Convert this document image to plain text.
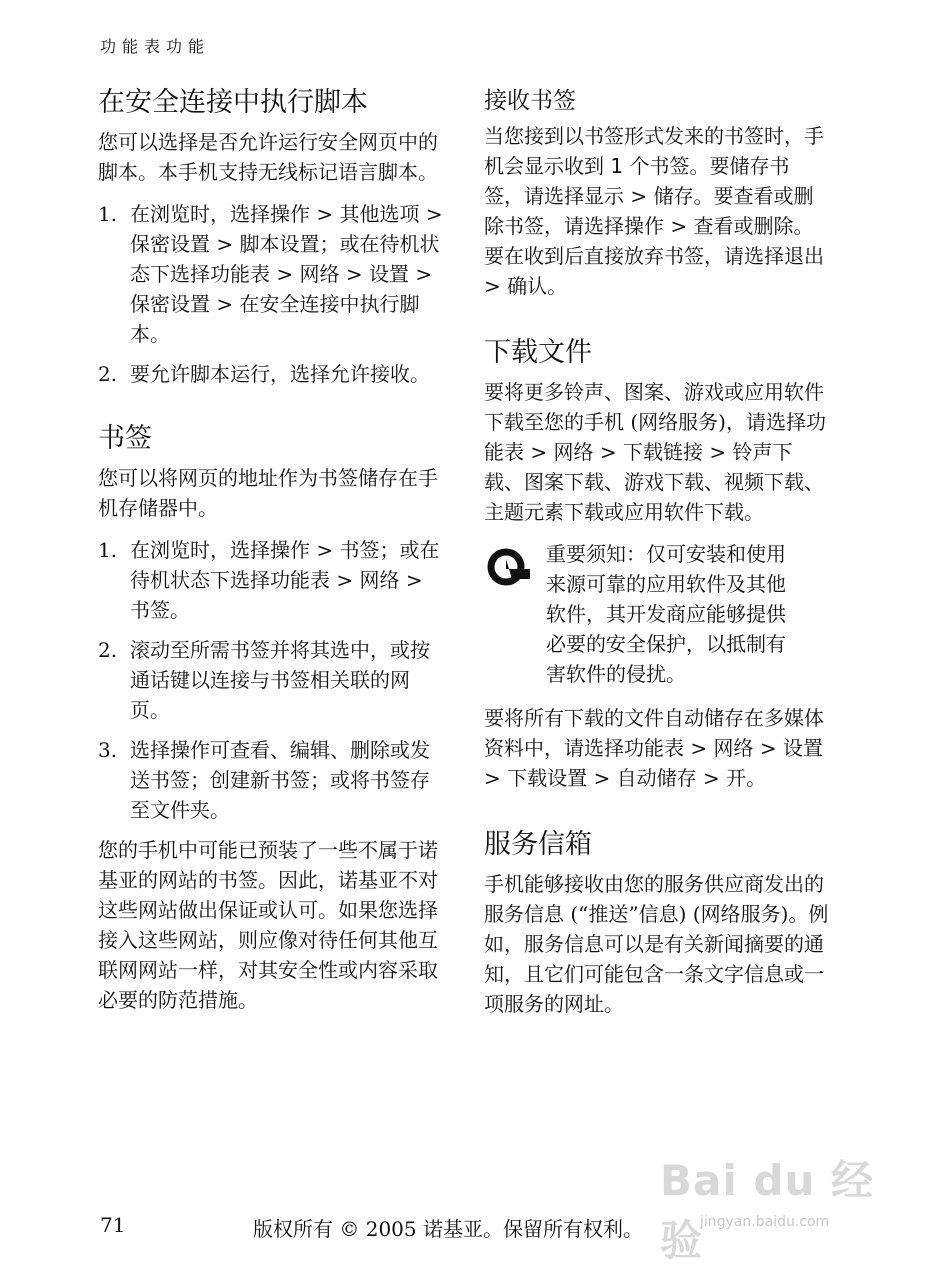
功能表功能
在安全连接中执行脚本

您可以选择是否允许运行安全网页中的脚本。本手机支持无线标记语言脚本。

1. 在浏览时，选择操作 > 其他选项 > 保密设置 > 脚本设置；或在待机状态下选择功能表 > 网络 > 设置 > 保密设置 > 在安全连接中执行脚本。
2. 要允许脚本运行，选择允许接收。
书签

您可以将网页的地址作为书签储存在手机存储器中。

1. 在浏览时，选择操作 > 书签；或在待机状态下选择功能表 > 网络 > 书签。
2. 滚动至所需书签并将其选中，或按通话键以连接与书签相关联的网页。
3. 选择操作可查看、编辑、删除或发送书签；创建新书签；或将书签存至文件夹。

您的手机中可能已预装了一些不属于诺基亚的网站的书签。因此，诺基亚不对这些网站做出保证或认可。如果您选择接入这些网站，则应像对待任何其他互联网网站一样，对其安全性或内容采取必要的防范措施。

接收书签

当您接到以书签形式发来的书签时，手机会显示收到 1 个书签。要储存书签，请选择显示 > 储存。要查看或删除书签，请选择操作 > 查看或删除。要在收到后直接放弃书签，请选择退出 > 确认。

下载文件

要将更多铃声、图案、游戏或应用软件下载至您的手机 (网络服务)，请选择功能表 > 网络 > 下载链接 > 铃声下载、图案下载、游戏下载、视频下载、主题元素下载或应用软件下载。

重要须知：仅可安装和使用来源可靠的应用软件及其他软件，其开发商应能够提供必要的安全保护，以抵制有害软件的侵扰。

要将所有下载的文件自动储存在多媒体资料中，请选择功能表 > 网络 > 设置 > 下载设置 > 自动储存 > 开。

服务信箱

手机能够接收由您的服务供应商发出的服务信息 (“推送”信息) (网络服务)。例如，服务信息可以是有关新闻摘要的通知，且它们可能包含一条文字信息或一项服务的网址。

Bai du 经验
jingyan.baidu.com
71	版权所有 © 2005 诺基亚。保留所有权利。
